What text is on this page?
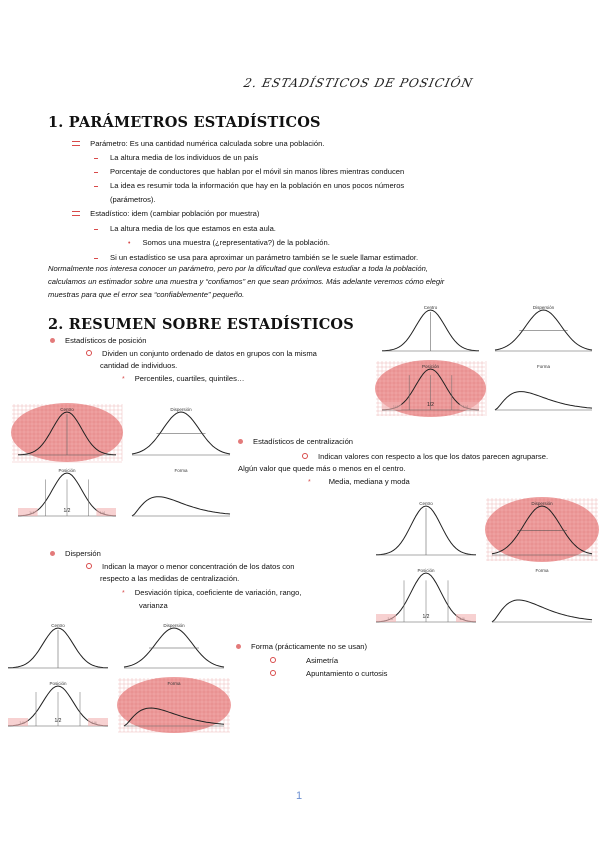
2. ESTADÍSTICOS DE POSICIÓN
1. PARÁMETROS ESTADÍSTICOS
Parámetro: Es una cantidad numérica calculada sobre una población.
La altura media de los individuos de un país
Porcentaje de conductores que hablan por el móvil sin manos libres mientras conducen
La idea es resumir toda la información que hay en la población en unos pocos números
(parámetros).
Estadístico: idem (cambiar población por muestra)
La altura media de los que estamos en esta aula.
• Somos una muestra (¿representativa?) de la población.
Si un estadístico se usa para aproximar un parámetro también se le suele llamar estimador.
Normalmente nos interesa conocer un parámetro, pero por la dificultad que conlleva estudiar a toda la población,
calculamos un estimador sobre una muestra y “confiamos” en que sean próximos. Más adelante veremos cómo elegir
muestras para que el error sea “confiablemente” pequeño.
2. RESUMEN SOBRE ESTADÍSTICOS
Estadísticos de posición
Dividen un conjunto ordenado de datos en grupos con la misma
cantidad de individuos.
* Percentiles, cuartiles, quintiles…
Estadísticos de centralización
Indican valores con respecto a los que los datos parecen agruparse.
Algún valor que quede más o menos en el centro.
* Media, mediana y moda
Dispersión
Indican la mayor o menor concentración de los datos con
respecto a las medidas de centralización.
* Desviación típica, coeficiente de variación, rango,
varianza
Forma (prácticamente no se usan)
Asimetría
Apuntamiento o curtosis
Centro	Dispersión
Posición
1/2
Forma
Centro	Dispersión
Posición
1/2
Forma
Centro	Dispersión
Posición
1/2
Forma
Centro	Dispersión
Posición
1/2
Forma
1
